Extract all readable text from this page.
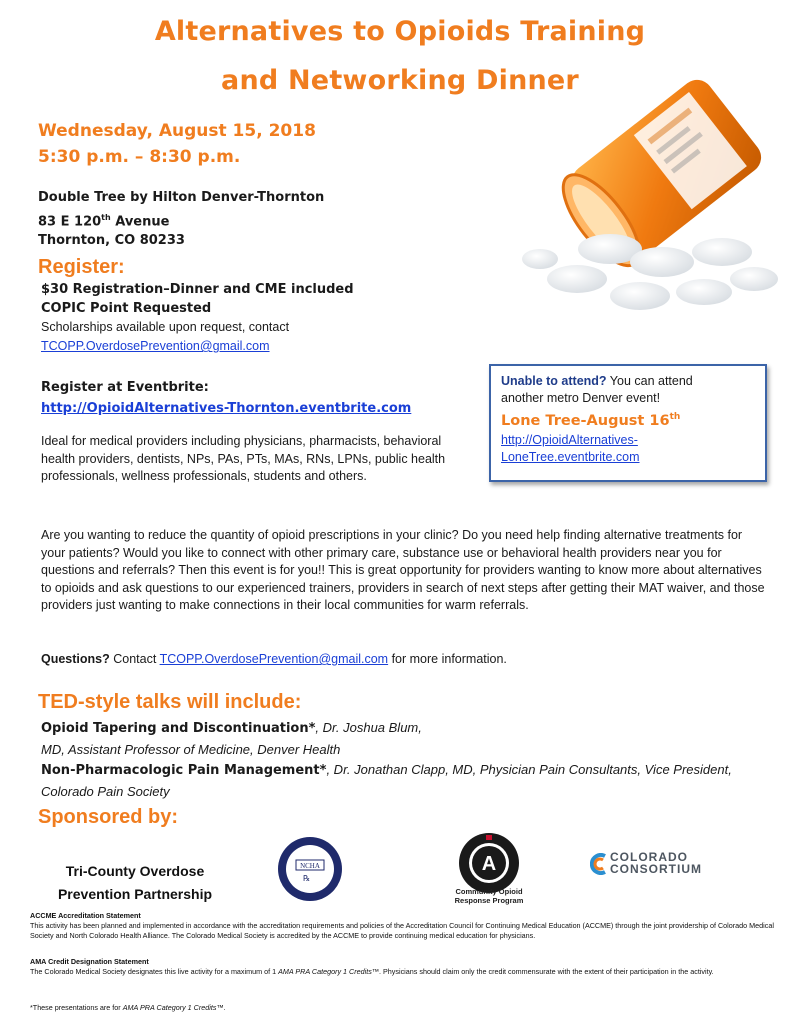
Alternatives to Opioids Training
and Networking Dinner
Wednesday, August 15, 2018
5:30 p.m. – 8:30 p.m.
Double Tree by Hilton Denver-Thornton
83 E 120th Avenue
Thornton, CO 80233
Register:
$30 Registration–Dinner and CME included
COPIC Point Requested
Scholarships available upon request, contact
TCOPP.OverdosePrevention@gmail.com
Register at Eventbrite:
http://OpioidAlternatives-Thornton.eventbrite.com
Ideal for medical providers including physicians, pharmacists, behavioral health providers, dentists, NPs, PAs, PTs, MAs, RNs, LPNs, public health professionals, wellness professionals, students and others.
Unable to attend? You can attend
another metro Denver event!
Lone Tree-August 16th
http://OpioidAlternatives-
LoneTree.eventbrite.com
Are you wanting to reduce the quantity of opioid prescriptions in your clinic? Do you need help finding alternative treatments for your patients? Would you like to connect with other primary care, substance use or behavioral health providers near you for questions and referrals? Then this event is for you!! This is great opportunity for providers wanting to know more about alternatives to opioids and ask questions to our experienced trainers, providers in search of next steps after getting their MAT waiver, and those providers just wanting to make connections in their local communities for warm referrals.
Questions? Contact TCOPP.OverdosePrevention@gmail.com for more information.
TED-style talks will include:
Opioid Tapering and Discontinuation*, Dr. Joshua Blum,
MD, Assistant Professor of Medicine, Denver Health
Non-Pharmacologic Pain Management*, Dr. Jonathan Clapp, MD, Physician Pain Consultants, Vice President,
Colorado Pain Society
Sponsored by:
Tri-County Overdose
Prevention Partnership
NCHA
℞
A
Community Opioid Response Program
COLORADO
CONSORTIUM
ACCME Accreditation Statement
This activity has been planned and implemented in accordance with the accreditation requirements and policies of the Accreditation Council for Continuing Medical Education (ACCME) through the joint providership of Colorado Medical Society and North Colorado Health Alliance. The Colorado Medical Society is accredited by the ACCME to provide continuing medical education for physicians.
AMA Credit Designation Statement
The Colorado Medical Society designates this live activity for a maximum of 1 AMA PRA Category 1 Credits™. Physicians should claim only the credit commensurate with the extent of their participation in the activity.
*These presentations are for AMA PRA Category 1 Credits™.
